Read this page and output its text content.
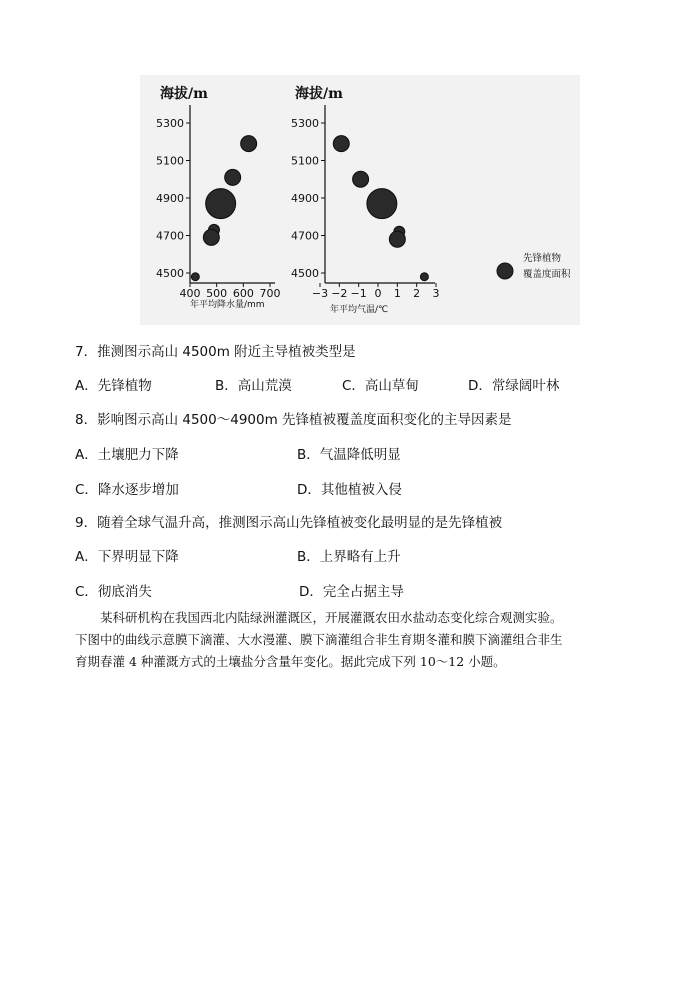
海拔/m
5300
5100
4900
4700
4500
400 500 600 700
年平均降水量/mm
海拔/m
5300
5100
4900
4700
4500
−3 −2 −1 0 1 2 3
年平均气温/℃
先锋植物
覆盖度面积
7．推测图示高山 4500m 附近主导植被类型是
A．先锋植物	B．高山荒漠	C．高山草甸	D．常绿阔叶林
8．影响图示高山 4500～4900m 先锋植被覆盖度面积变化的主导因素是
A．土壤肥力下降	B．气温降低明显
C．降水逐步增加	D．其他植被入侵
9．随着全球气温升高，推测图示高山先锋植被变化最明显的是先锋植被
A．下界明显下降	B．上界略有上升
C．彻底消失	D．完全占据主导

　　某科研机构在我国西北内陆绿洲灌溉区，开展灌溉农田水盐动态变化综合观测实验。

下图中的曲线示意膜下滴灌、大水漫灌、膜下滴灌组合非生育期冬灌和膜下滴灌组合非生

育期春灌 4 种灌溉方式的土壤盐分含量年变化。据此完成下列 10～12 小题。
